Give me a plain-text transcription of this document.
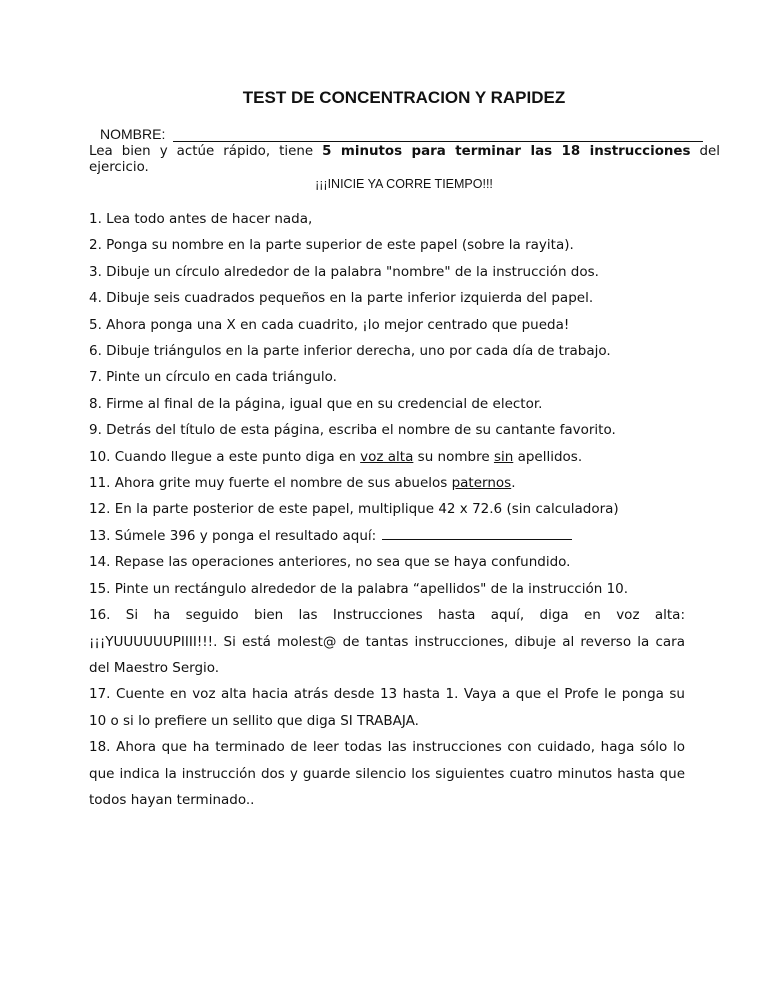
TEST DE CONCENTRACION Y RAPIDEZ
NOMBRE:
Lea bien y actúe rápido, tiene 5 minutos para terminar las 18 instrucciones del ejercicio.
¡¡¡INICIE YA CORRE TIEMPO!!!
1. Lea todo antes de hacer nada,
2. Ponga su nombre en la parte superior de este papel (sobre la rayita).
3. Dibuje un círculo alrededor de la palabra "nombre" de la instrucción dos.
4. Dibuje seis cuadrados pequeños en la parte inferior izquierda del papel.
5. Ahora ponga una X en cada cuadrito, ¡lo mejor centrado que pueda!
6. Dibuje triángulos en la parte inferior derecha, uno por cada día de trabajo.
7. Pinte un círculo en cada triángulo.
8. Firme al final de la página, igual que en su credencial de elector.
9. Detrás del título de esta página, escriba el nombre de su cantante favorito.
10. Cuando llegue a este punto diga en voz alta su nombre sin apellidos.
11. Ahora grite muy fuerte el nombre de sus abuelos paternos.
12. En la parte posterior de este papel, multiplique 42 x 72.6 (sin calculadora)
13. Súmele 396 y ponga el resultado aquí:
14. Repase las operaciones anteriores, no sea que se haya confundido.
15. Pinte un rectángulo alrededor de la palabra “apellidos" de la instrucción 10.
16. Si ha seguido bien las Instrucciones hasta aquí, diga en voz alta: ¡¡¡YUUUUUUPIIII!!!. Si está molest@ de tantas instrucciones, dibuje al reverso la cara del Maestro Sergio.
17. Cuente en voz alta hacia atrás desde 13 hasta 1. Vaya a que el Profe le ponga su 10 o si lo prefiere un sellito que diga SI TRABAJA.
18. Ahora que ha terminado de leer todas las instrucciones con cuidado, haga sólo lo que indica la instrucción dos y guarde silencio los siguientes cuatro minutos hasta que todos hayan terminado..
